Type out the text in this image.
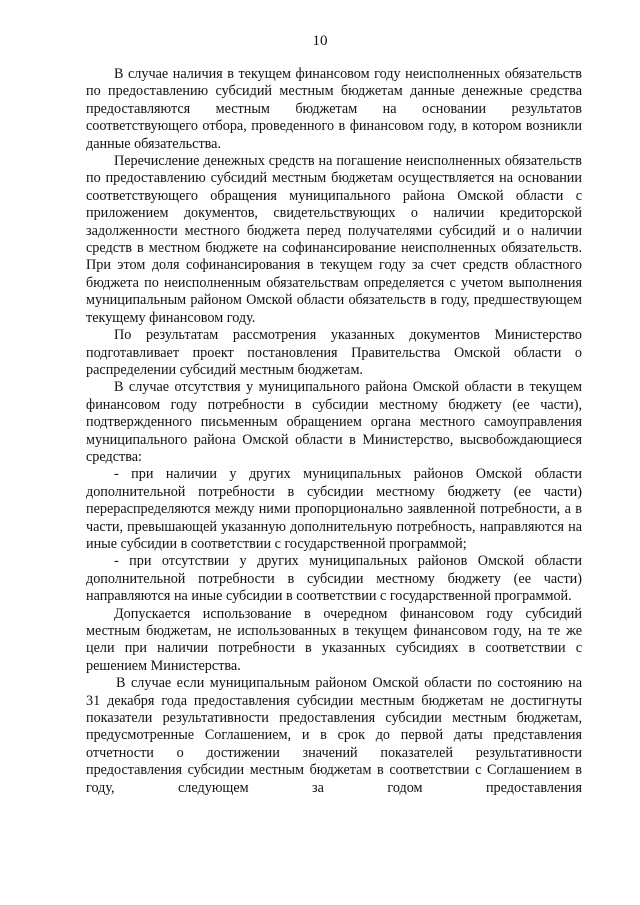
10

В случае наличия в текущем финансовом году неисполненных обязательств по предоставлению субсидий местным бюджетам данные денежные средства предоставляются местным бюджетам на основании результатов соответствующего отбора, проведенного в финансовом году, в котором возникли данные обязательства.

Перечисление денежных средств на погашение неисполненных обязательств по предоставлению субсидий местным бюджетам осуществляется на основании соответствующего обращения муниципального района Омской области с приложением документов, свидетельствующих о наличии кредиторской задолженности местного бюджета перед получателями субсидий и о наличии средств в местном бюджете на софинансирование неисполненных обязательств. При этом доля софинансирования в текущем году за счет средств областного бюджета по неисполненным обязательствам определяется с учетом выполнения муниципальным районом Омской области обязательств в году, предшествующем текущему финансовом году.

По результатам рассмотрения указанных документов Министерство подготавливает проект постановления Правительства Омской области о распределении субсидий местным бюджетам.

В случае отсутствия у муниципального района Омской области в текущем финансовом году потребности в субсидии местному бюджету (ее части), подтвержденного письменным обращением органа местного самоуправления муниципального района Омской области в Министерство, высвобождающиеся средства:

- при наличии у других муниципальных районов Омской области дополнительной потребности в субсидии местному бюджету (ее части) перераспределяются между ними пропорционально заявленной потребности, а в части, превышающей указанную дополнительную потребность, направляются на иные субсидии в соответствии с государственной программой;

- при отсутствии у других муниципальных районов Омской области дополнительной потребности в субсидии местному бюджету (ее части) направляются на иные субсидии в соответствии с государственной программой.

Допускается использование в очередном финансовом году субсидий местным бюджетам, не использованных в текущем финансовом году, на те же цели при наличии потребности в указанных субсидиях в соответствии с решением Министерства.

В случае если муниципальным районом Омской области по состоянию на 31 декабря года предоставления субсидии местным бюджетам не достигнуты показатели результативности предоставления субсидии местным бюджетам, предусмотренные Соглашением, и в срок до первой даты представления отчетности о достижении значений показателей результативности предоставления субсидии местным бюджетам в соответствии с Соглашением в году, следующем за годом предоставления
